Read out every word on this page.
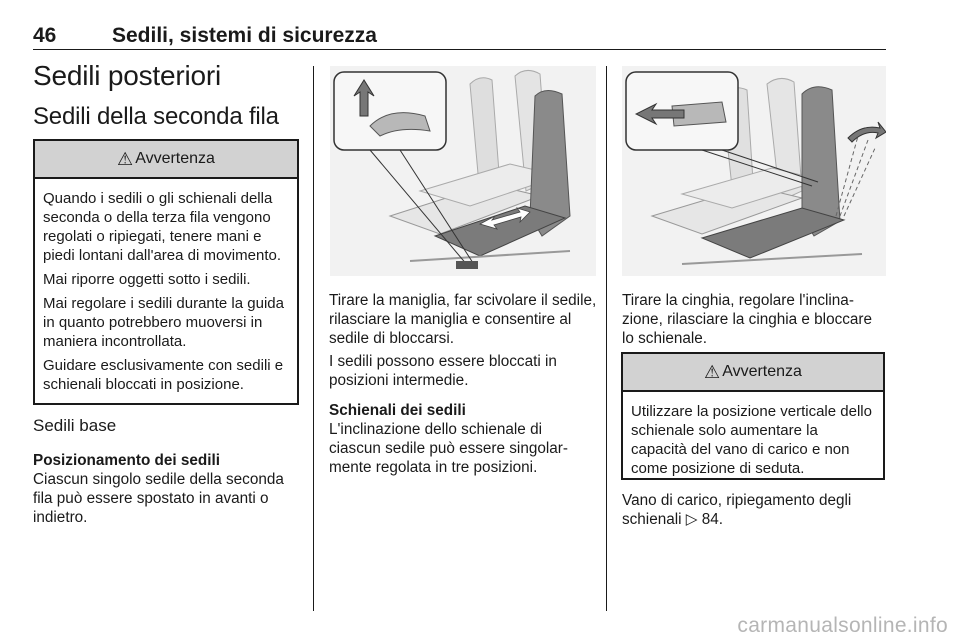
46	Sedili, sistemi di sicurezza
Sedili posteriori
Sedili della seconda fila
⚠ Avvertenza

Quando i sedili o gli schienali della seconda o della terza fila vengono regolati o ripiegati, tenere mani e piedi lontani dall'area di movimento.

Mai riporre oggetti sotto i sedili.

Mai regolare i sedili durante la guida in quanto potrebbero muoversi in maniera incontrollata.

Guidare esclusivamente con sedili e schienali bloccati in posizione.

Sedili base
Posizionamento dei sedili

Ciascun singolo sedile della seconda fila può essere spostato in avanti o indietro.

Tirare la maniglia, far scivolare il sedile, rilasciare la maniglia e consentire al sedile di bloccarsi.

I sedili possono essere bloccati in posizioni intermedie.

Schienali dei sedili

L'inclinazione dello schienale di ciascun sedile può essere singolarmente regolata in tre posizioni.

Tirare la cinghia, regolare l'inclinazione, rilasciare la cinghia e bloccare lo schienale.

⚠ Avvertenza

Utilizzare la posizione verticale dello schienale solo aumentare la capacità del vano di carico e non come posizione di seduta.

Vano di carico, ripiegamento degli schienali ▷ 84.

carmanualsonline.info
